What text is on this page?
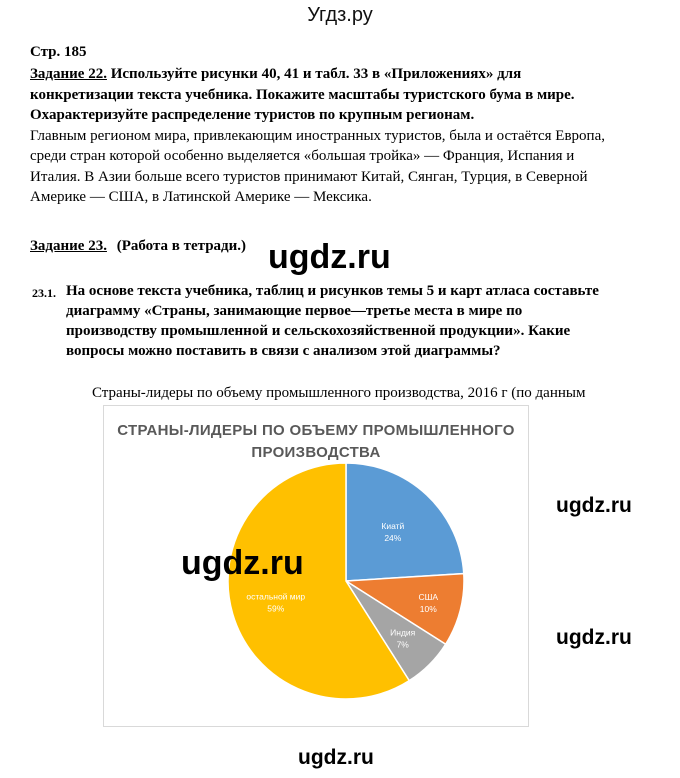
Угдз.ру
Стр. 185
Задание 22. Используйте рисунки 40, 41 и табл. 33 в «Приложениях» для
конкретизации текста учебника. Покажите масштабы туристского бума в мире.
Охарактеризуйте распределение туристов по крупным регионам.
Главным регионом мира, привлекающим иностранных туристов, была и остаётся Европа,
среди стран которой особенно выделяется «большая тройка» — Франция, Испания и
Италия. В Азии больше всего туристов принимают Китай, Сянган, Турция, в Северной
Америке — США, в Латинской Америке — Мексика.
Задание 23. (Работа в тетради.) ugdz.ru
23.1. На основе текста учебника, таблиц и рисунков темы 5 и карт атласа составьте
диаграмму «Страны, занимающие первое—третье места в мире по
производству промышленной и сельскохозяйственной продукции». Какие
вопросы можно поставить в связи с анализом этой диаграммы?
Страны-лидеры по объему промышленного производства, 2016 г (по данным
СТРАНЫ-ЛИДЕРЫ ПО ОБЪЕМУ ПРОМЫШЛЕННОГО
ПРОИЗВОДСТВА
Киатй
24%
США
10%
Индия
7%
остальной мир
59%
ugdz.ru
ugdz.ru
ugdz.ru
ugdz.ru
